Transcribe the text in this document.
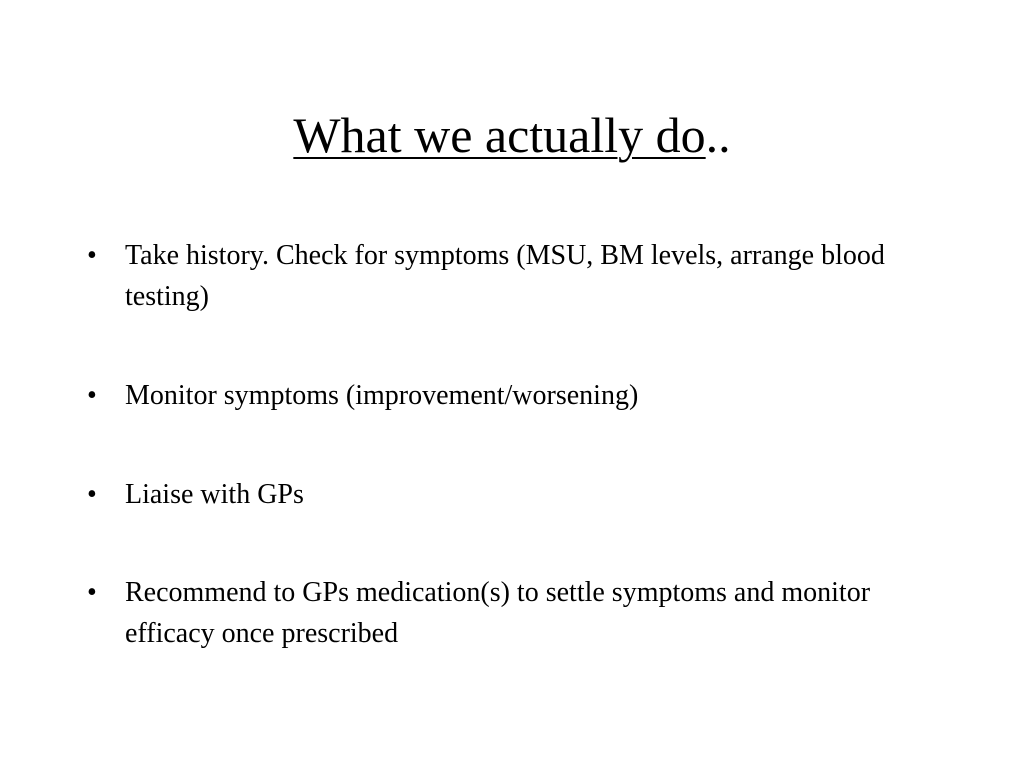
What we actually do..
• Take history. Check for symptoms (MSU, BM levels, arrange blood testing)
• Monitor symptoms (improvement/worsening)
• Liaise with GPs
• Recommend to GPs medication(s) to settle symptoms and monitor efficacy once prescribed
